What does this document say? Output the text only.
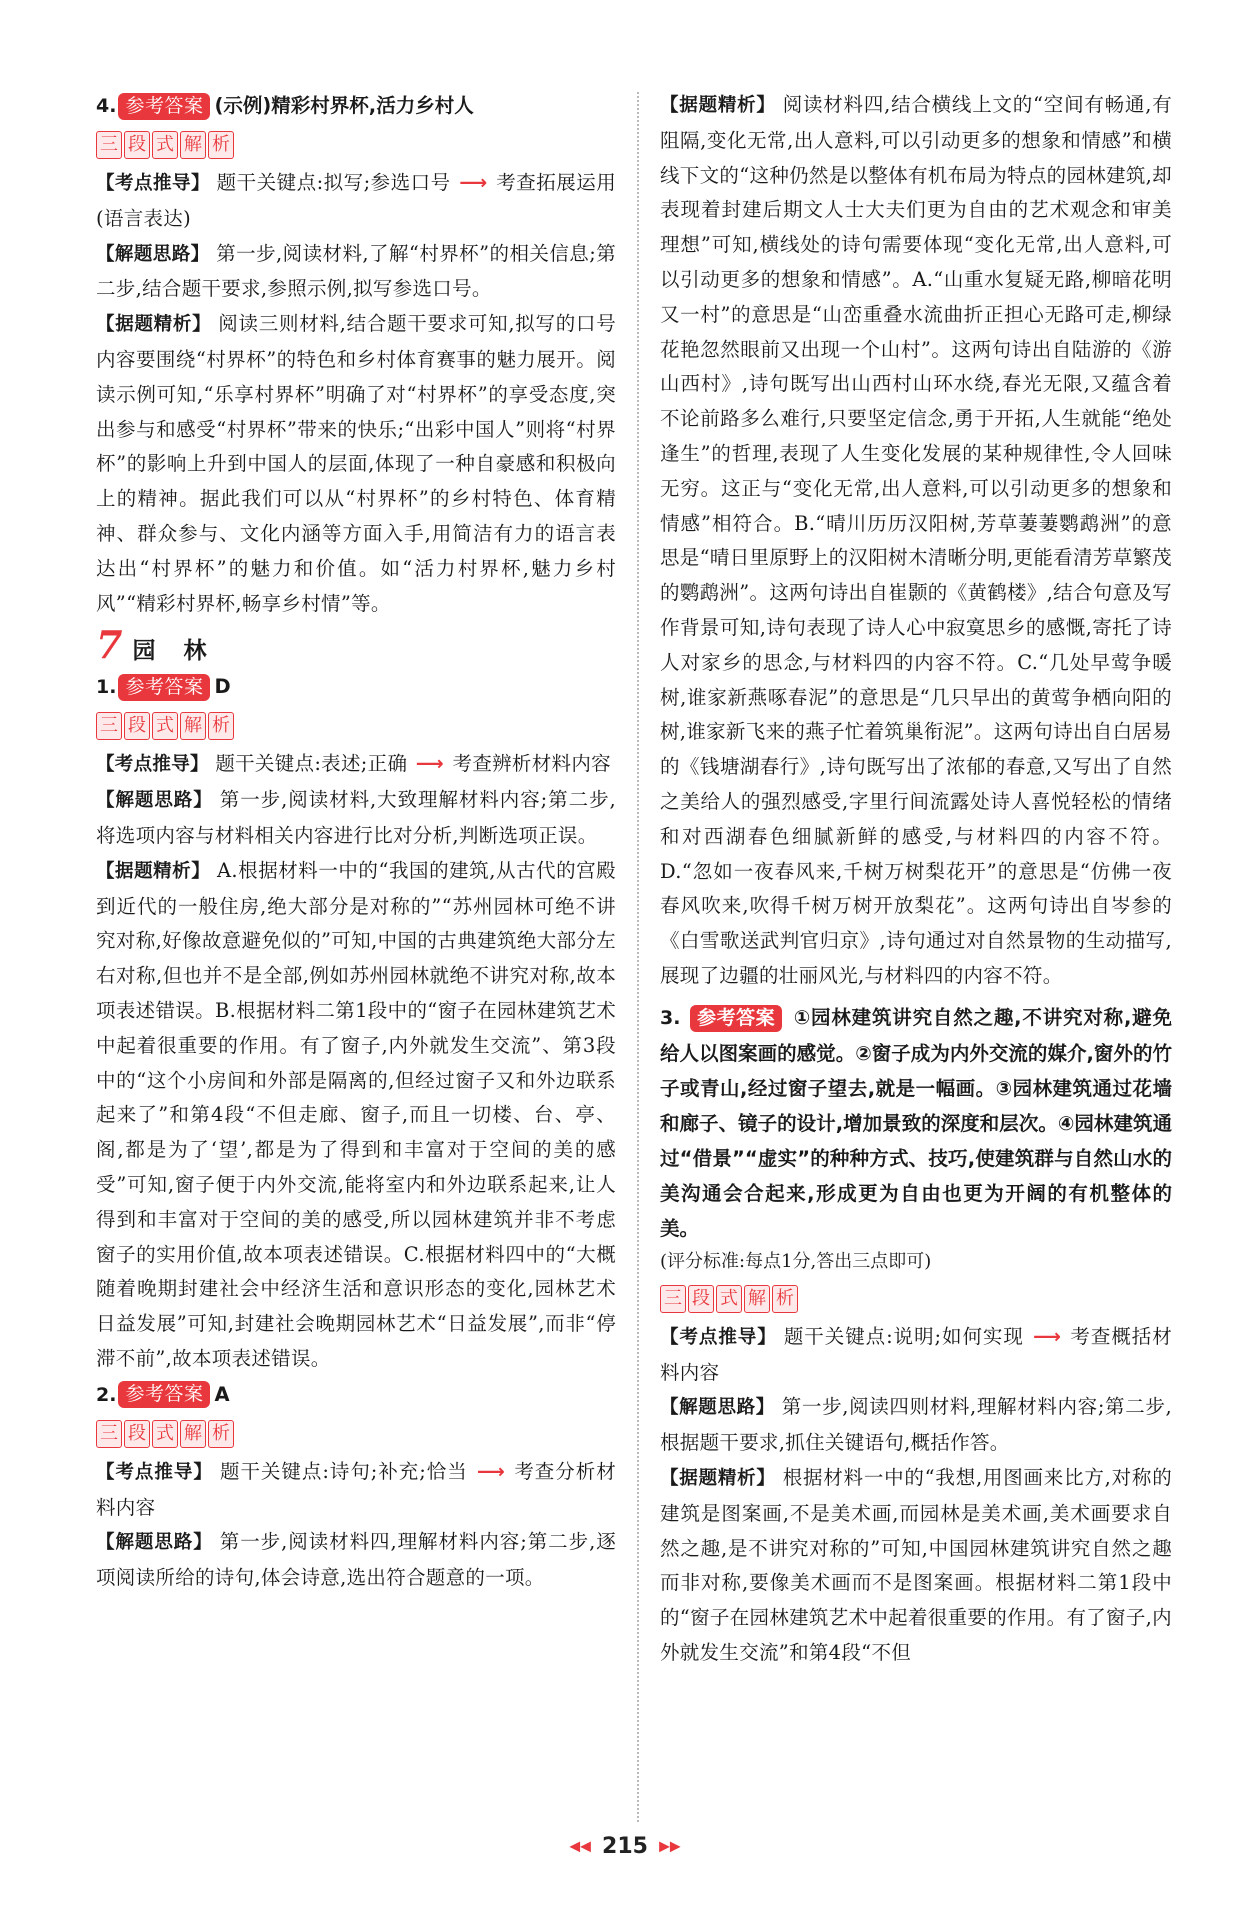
4. 参考答案 (示例)精彩村界杯,活力乡村人
三 段 式 解 析

【考点推导】 题干关键点:拟写;参选口号 ⟶ 考查拓展运用(语言表达)

【解题思路】 第一步,阅读材料,了解“村界杯”的相关信息;第二步,结合题干要求,参照示例,拟写参选口号。

【据题精析】 阅读三则材料,结合题干要求可知,拟写的口号内容要围绕“村界杯”的特色和乡村体育赛事的魅力展开。阅读示例可知,“乐享村界杯”明确了对“村界杯”的享受态度,突出参与和感受“村界杯”带来的快乐;“出彩中国人”则将“村界杯”的影响上升到中国人的层面,体现了一种自豪感和积极向上的精神。据此我们可以从“村界杯”的乡村特色、体育精神、群众参与、文化内涵等方面入手,用简洁有力的语言表达出“村界杯”的魅力和价值。如“活力村界杯,魅力乡村风”“精彩村界杯,畅享乡村情”等。

7 园 林
1. 参考答案 D
三 段 式 解 析

【考点推导】 题干关键点:表述;正确 ⟶ 考查辨析材料内容

【解题思路】 第一步,阅读材料,大致理解材料内容;第二步,将选项内容与材料相关内容进行比对分析,判断选项正误。

【据题精析】 A.根据材料一中的“我国的建筑,从古代的宫殿到近代的一般住房,绝大部分是对称的”“苏州园林可绝不讲究对称,好像故意避免似的”可知,中国的古典建筑绝大部分左右对称,但也并不是全部,例如苏州园林就绝不讲究对称,故本项表述错误。B.根据材料二第1段中的“窗子在园林建筑艺术中起着很重要的作用。有了窗子,内外就发生交流”、第3段中的“这个小房间和外部是隔离的,但经过窗子又和外边联系起来了”和第4段“不但走廊、窗子,而且一切楼、台、亭、阁,都是为了‘望’,都是为了得到和丰富对于空间的美的感受”可知,窗子便于内外交流,能将室内和外边联系起来,让人得到和丰富对于空间的美的感受,所以园林建筑并非不考虑窗子的实用价值,故本项表述错误。C.根据材料四中的“大概随着晚期封建社会中经济生活和意识形态的变化,园林艺术日益发展”可知,封建社会晚期园林艺术“日益发展”,而非“停滞不前”,故本项表述错误。

2. 参考答案 A
三 段 式 解 析

【考点推导】 题干关键点:诗句;补充;恰当 ⟶ 考查分析材料内容

【解题思路】 第一步,阅读材料四,理解材料内容;第二步,逐项阅读所给的诗句,体会诗意,选出符合题意的一项。

【据题精析】 阅读材料四,结合横线上文的“空间有畅通,有阻隔,变化无常,出人意料,可以引动更多的想象和情感”和横线下文的“这种仍然是以整体有机布局为特点的园林建筑,却表现着封建后期文人士大夫们更为自由的艺术观念和审美理想”可知,横线处的诗句需要体现“变化无常,出人意料,可以引动更多的想象和情感”。A.“山重水复疑无路,柳暗花明又一村”的意思是“山峦重叠水流曲折正担心无路可走,柳绿花艳忽然眼前又出现一个山村”。这两句诗出自陆游的《游山西村》,诗句既写出山西村山环水绕,春光无限,又蕴含着不论前路多么难行,只要坚定信念,勇于开拓,人生就能“绝处逢生”的哲理,表现了人生变化发展的某种规律性,令人回味无穷。这正与“变化无常,出人意料,可以引动更多的想象和情感”相符合。B.“晴川历历汉阳树,芳草萋萋鹦鹉洲”的意思是“晴日里原野上的汉阳树木清晰分明,更能看清芳草繁茂的鹦鹉洲”。这两句诗出自崔颢的《黄鹤楼》,结合句意及写作背景可知,诗句表现了诗人心中寂寞思乡的感慨,寄托了诗人对家乡的思念,与材料四的内容不符。C.“几处早莺争暖树,谁家新燕啄春泥”的意思是“几只早出的黄莺争栖向阳的树,谁家新飞来的燕子忙着筑巢衔泥”。这两句诗出自白居易的《钱塘湖春行》,诗句既写出了浓郁的春意,又写出了自然之美给人的强烈感受,字里行间流露处诗人喜悦轻松的情绪和对西湖春色细腻新鲜的感受,与材料四的内容不符。D.“忽如一夜春风来,千树万树梨花开”的意思是“仿佛一夜春风吹来,吹得千树万树开放梨花”。这两句诗出自岑参的《白雪歌送武判官归京》,诗句通过对自然景物的生动描写,展现了边疆的壮丽风光,与材料四的内容不符。

3. 参考答案 ①园林建筑讲究自然之趣,不讲究对称,避免给人以图案画的感觉。②窗子成为内外交流的媒介,窗外的竹子或青山,经过窗子望去,就是一幅画。③园林建筑通过花墙和廊子、镜子的设计,增加景致的深度和层次。④园林建筑通过“借景”“虚实”的种种方式、技巧,使建筑群与自然山水的美沟通会合起来,形成更为自由也更为开阔的有机整体的美。

(评分标准:每点1分,答出三点即可)

三 段 式 解 析

【考点推导】 题干关键点:说明;如何实现 ⟶ 考查概括材料内容

【解题思路】 第一步,阅读四则材料,理解材料内容;第二步,根据题干要求,抓住关键语句,概括作答。

【据题精析】 根据材料一中的“我想,用图画来比方,对称的建筑是图案画,不是美术画,而园林是美术画,美术画要求自然之趣,是不讲究对称的”可知,中国园林建筑讲究自然之趣而非对称,要像美术画而不是图案画。根据材料二第1段中的“窗子在园林建筑艺术中起着很重要的作用。有了窗子,内外就发生交流”和第4段“不但

◀◀ 215 ▶▶
